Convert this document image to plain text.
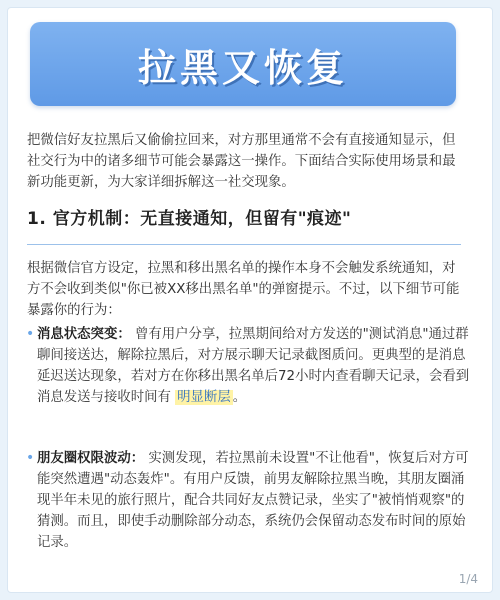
拉黑又恢复

把微信好友拉黑后又偷偷拉回来，对方那里通常不会有直接通知显示，但社交行为中的诸多细节可能会暴露这一操作。下面结合实际使用场景和最新功能更新，为大家详细拆解这一社交现象。

1. 官方机制：无直接通知，但留有"痕迹"

根据微信官方设定，拉黑和移出黑名单的操作本身不会触发系统通知，对方不会收到类似"你已被XX移出黑名单"的弹窗提示。不过，以下细节可能暴露你的行为：

• 消息状态突变： 曾有用户分享，拉黑期间给对方发送的"测试消息"通过群聊间接送达，解除拉黑后，对方展示聊天记录截图质问。更典型的是消息延迟送达现象，若对方在你移出黑名单后72小时内查看聊天记录，会看到消息发送与接收时间有 明显断层 。
• 朋友圈权限波动： 实测发现，若拉黑前未设置"不让他看"，恢复后对方可能突然遭遇"动态轰炸"。有用户反馈，前男友解除拉黑当晚，其朋友圈涌现半年未见的旅行照片，配合共同好友点赞记录，坐实了"被悄悄观察"的猜测。而且，即使手动删除部分动态，系统仍会保留动态发布时间的原始记录。
1/4
